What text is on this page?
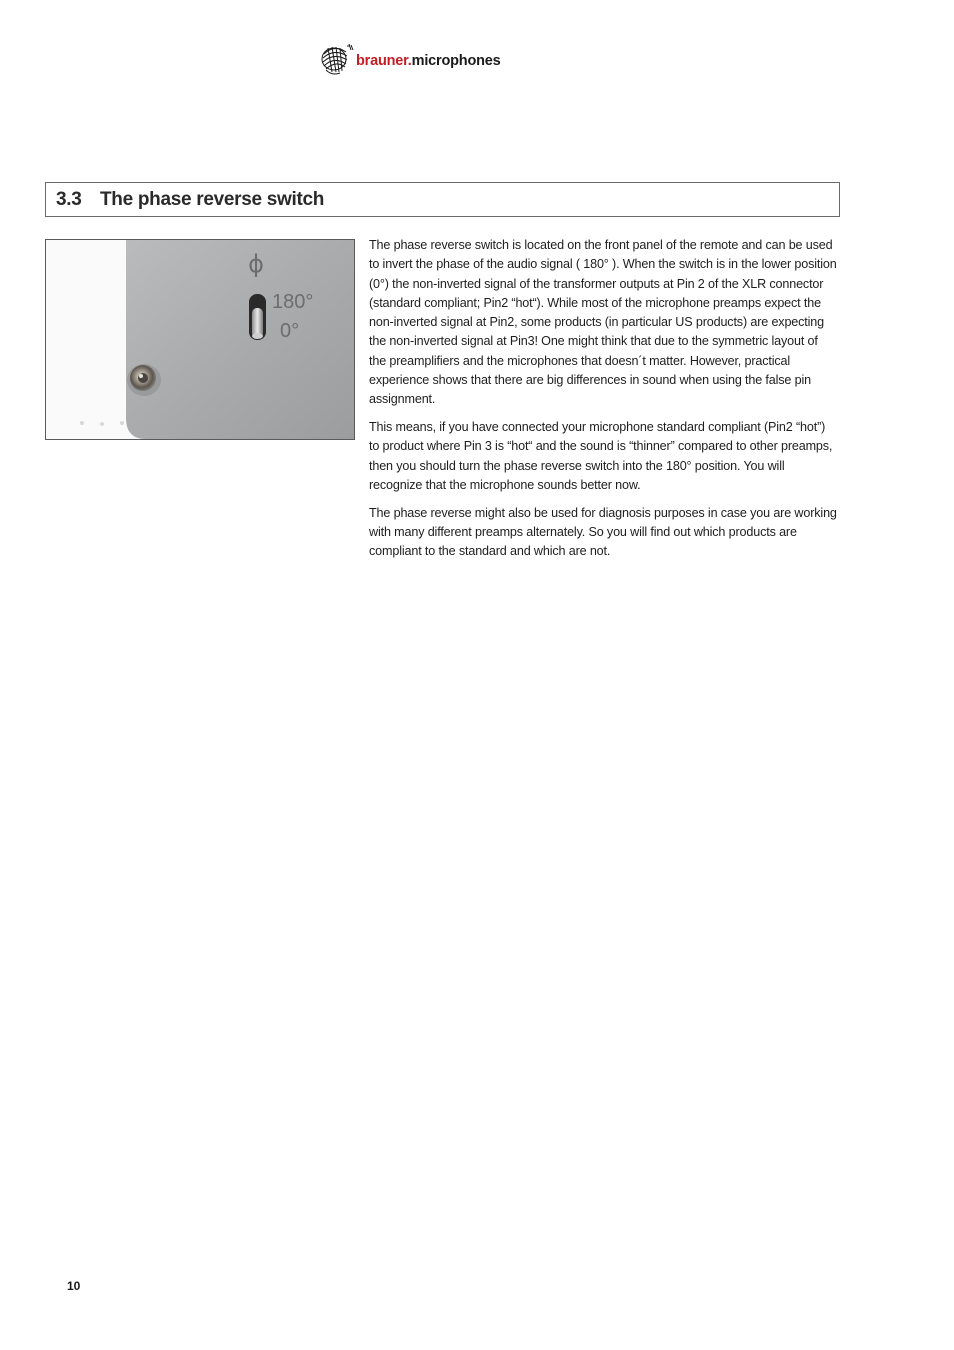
brauner.microphones
3.3 The phase reverse switch
ϕ
180°
0°

The phase reverse switch is located on the front panel of the remote and can be used to invert the phase of the audio signal ( 180° ). When the switch is in the lower position (0°) the non-inverted signal of the transformer outputs at Pin 2 of the XLR connector (standard compliant; Pin2 “hot“). While most of the microphone preamps expect the non-inverted signal at Pin2, some products (in particular US products) are expecting the non-inverted signal at Pin3! One might think that due to the symmetric layout of the preamplifiers and the microphones that doesn´t matter. However, practical experience shows that there are big differences in sound when using the false pin assignment.

This means, if you have connected your microphone standard compliant (Pin2 “hot”) to product where Pin 3 is “hot“ and the sound is “thinner” compared to other preamps, then you should turn the phase reverse switch into the 180° position. You will recognize that the microphone sounds better now.

The phase reverse might also be used for diagnosis purposes in case you are working with many different preamps alternately. So you will find out which products are compliant to the standard and which are not.

10
